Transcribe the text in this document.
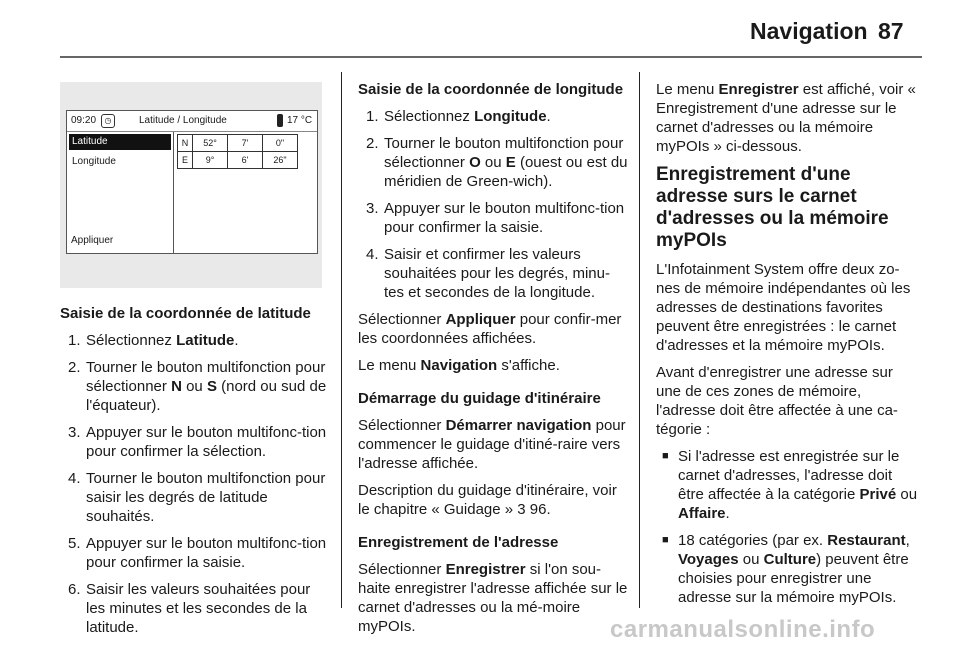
Navigation 87
09:20	◷	Latitude / Longitude	17 °C
Latitude
Longitude
Appliquer
N	52°	7'	0"
E	9°	6'	26"

Saisie de la coordonnée de latitude

1. Sélectionnez Latitude.
2. Tourner le bouton multifonction pour sélectionner N ou S (nord ou sud de l'équateur).
3. Appuyer sur le bouton multifonc‐tion pour confirmer la sélection.
4. Tourner le bouton multifonction pour saisir les degrés de latitude souhaités.
5. Appuyer sur le bouton multifonc‐tion pour confirmer la saisie.
6. Saisir les valeurs souhaitées pour les minutes et les secondes de la latitude.

Saisie de la coordonnée de longitude

1. Sélectionnez Longitude.
2. Tourner le bouton multifonction pour sélectionner O ou E (ouest ou est du méridien de Green‐wich).
3. Appuyer sur le bouton multifonc‐tion pour confirmer la saisie.
4. Saisir et confirmer les valeurs souhaitées pour les degrés, minu‐tes et secondes de la longitude.

Sélectionner Appliquer pour confir‐mer les coordonnées affichées.

Le menu Navigation s'affiche.

Démarrage du guidage d'itinéraire

Sélectionner Démarrer navigation pour commencer le guidage d'itiné‐raire vers l'adresse affichée.

Description du guidage d'itinéraire, voir le chapitre « Guidage » 3 96.

Enregistrement de l'adresse

Sélectionner Enregistrer si l'on sou‐haite enregistrer l'adresse affichée sur le carnet d'adresses ou la mé‐moire myPOIs.

Le menu Enregistrer est affiché, voir « Enregistrement d'une adresse sur le carnet d'adresses ou la mémoire myPOIs » ci-dessous.

Enregistrement d'une adresse surs le carnet d'adresses ou la mémoire myPOIs

L'Infotainment System offre deux zo‐nes de mémoire indépendantes où les adresses de destinations favorites peuvent être enregistrées : le carnet d'adresses et la mémoire myPOIs.

Avant d'enregistrer une adresse sur une de ces zones de mémoire, l'adresse doit être affectée à une ca‐tégorie :

■ Si l'adresse est enregistrée sur le carnet d'adresses, l'adresse doit être affectée à la catégorie Privé ou Affaire.
■ 18 catégories (par ex. Restaurant, Voyages ou Culture) peuvent être choisies pour enregistrer une adresse sur la mémoire myPOIs.
carmanualsonline.info
